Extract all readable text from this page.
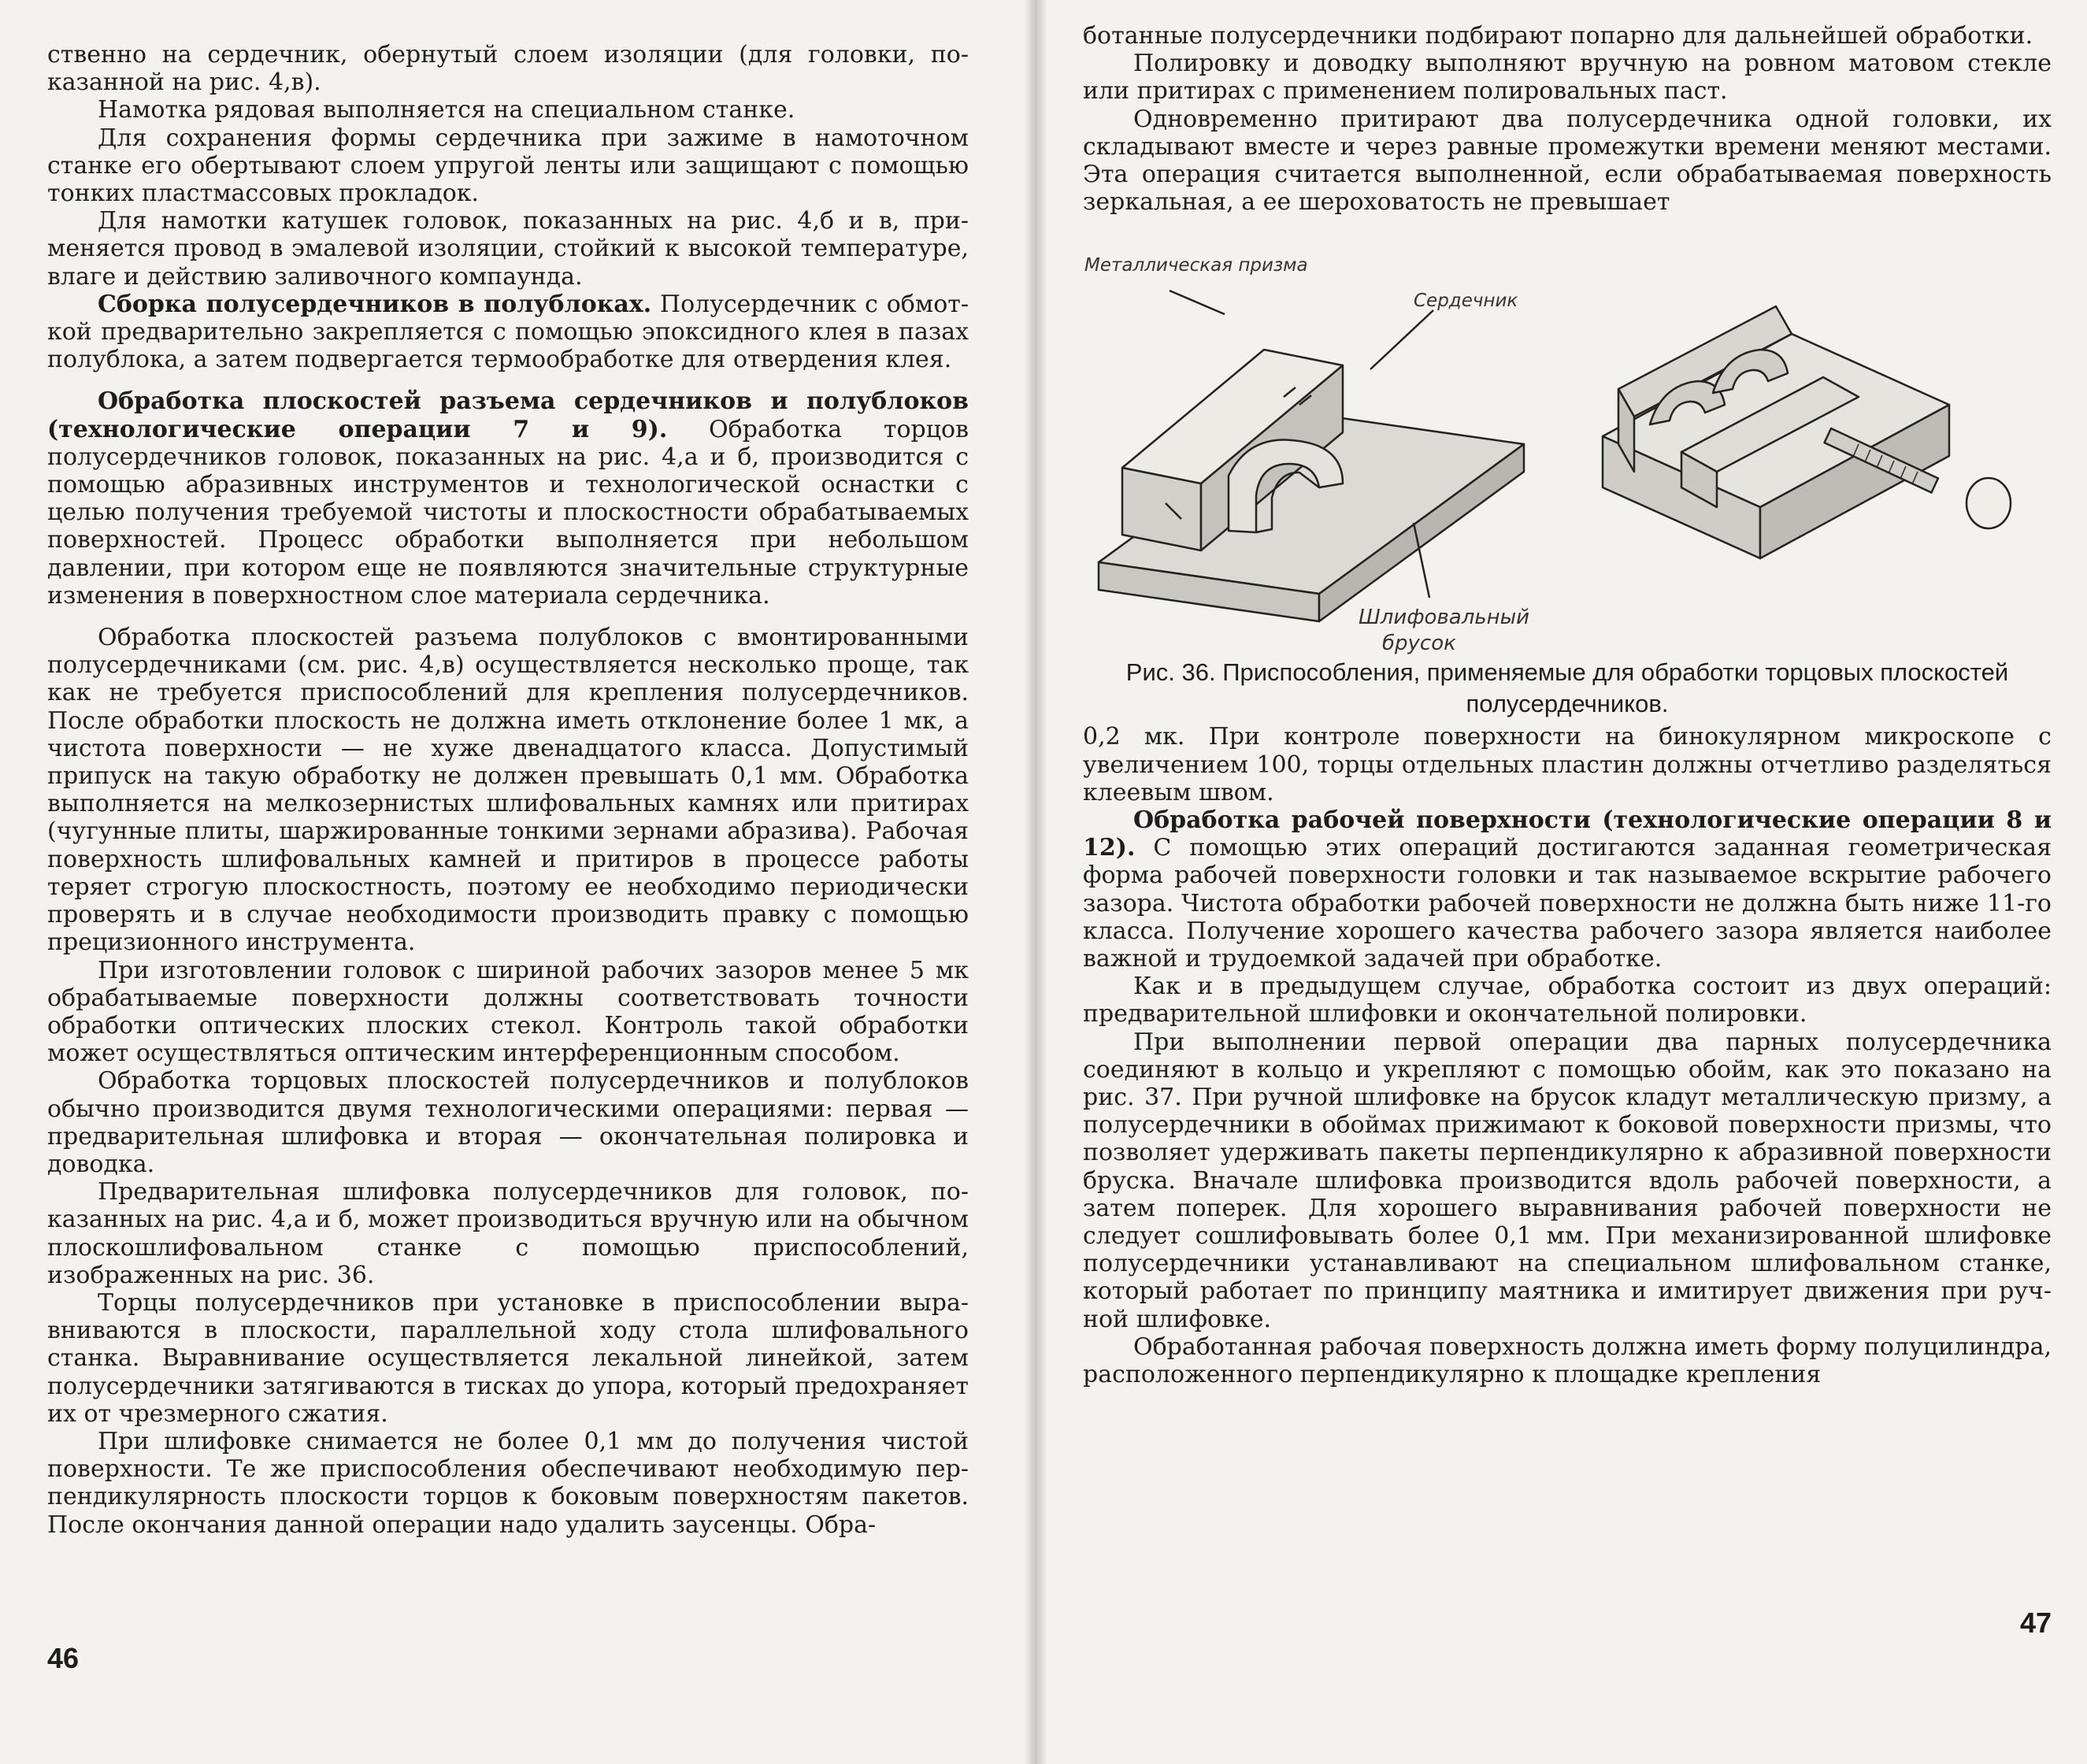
ственно на сердечник, обернутый слоем изоляции (для головки, показанной на рис. 4,в).

Намотка рядовая выполняется на специальном станке.

Для сохранения формы сердечника при зажиме в намоточном станке его обертывают слоем упругой ленты или защищают с помощью тонких пластмассовых прокладок.

Для намотки катушек головок, показанных на рис. 4,б и в, применяется провод в эмалевой изоляции, стойкий к высокой температуре, влаге и действию заливочного компаунда.

Сборка полусердечников в полублоках. Полусердечник с обмоткой предварительно закрепляется с помощью эпоксидного клея в пазах полублока, а затем подвергается термообработке для отвердения клея.

Обработка плоскостей разъема сердечников и полублоков (технологические операции 7 и 9). Обработка торцов полусердечников головок, показанных на рис. 4,а и б, производится с помощью абразивных инструментов и технологической оснастки с целью получения требуемой чистоты и плоскостности обрабатываемых поверхностей. Процесс обработки выполняется при небольшом давлении, при котором еще не появляются значительные структурные изменения в поверхностном слое материала сердечника.

Обработка плоскостей разъема полублоков с вмонтированными полусердечниками (см. рис. 4,в) осуществляется несколько проще, так как не требуется приспособлений для крепления полусердечников. После обработки плоскость не должна иметь отклонение более 1 мк, а чистота поверхности — не хуже двенадцатого класса. Допустимый припуск на такую обработку не должен превышать 0,1 мм. Обработка выполняется на мелкозернистых шлифовальных камнях или притирах (чугунные плиты, шаржированные тонкими зернами абразива). Рабочая поверхность шлифовальных камней и притиров в процессе работы теряет строгую плоскостность, поэтому ее необходимо периодически проверять и в случае необходимости производить правку с помощью прецизионного инструмента.

При изготовлении головок с шириной рабочих зазоров менее 5 мк обрабатываемые поверхности должны соответствовать точности обработки оптических плоских стекол. Контроль такой обработки может осуществляться оптическим интерференционным способом.

Обработка торцовых плоскостей полусердечников и полублоков обычно производится двумя технологическими операциями: первая — предварительная шлифовка и вторая — окончательная полировка и доводка.

Предварительная шлифовка полусердечников для головок, показанных на рис. 4,а и б, может производиться вручную или на обычном плоскошлифовальном станке с помощью приспособлений, изображенных на рис. 36.

Торцы полусердечников при установке в приспособлении выравниваются в плоскости, параллельной ходу стола шлифовального станка. Выравнивание осуществляется лекальной линейкой, затем полусердечники затягиваются в тисках до упора, который предохраняет их от чрезмерного сжатия.

При шлифовке снимается не более 0,1 мм до получения чистой поверхности. Те же приспособления обеспечивают необходимую перпендикулярность плоскости торцов к боковым поверхностям пакетов. После окончания данной операции надо удалить заусенцы. Обра-

46

ботанные полусердечники подбирают попарно для дальнейшей обработки.

Полировку и доводку выполняют вручную на ровном матовом стекле или притирах с применением полировальных паст.

Одновременно притирают два полусердечника одной головки, их складывают вместе и через равные промежутки времени меняют местами. Эта операция считается выполненной, если обрабатываемая поверхность зеркальная, а ее шероховатость не превышает

Металлическая призма
Сердечник
Шлифовальный
брусок
Рис. 36. Приспособления, применяемые для обработки торцовых плоскостей полусердечников.

0,2 мк. При контроле поверхности на бинокулярном микроскопе с увеличением 100, торцы отдельных пластин должны отчетливо разделяться клеевым швом.

Обработка рабочей поверхности (технологические операции 8 и 12). С помощью этих операций достигаются заданная геометрическая форма рабочей поверхности головки и так называемое вскрытие рабочего зазора. Чистота обработки рабочей поверхности не должна быть ниже 11-го класса. Получение хорошего качества рабочего зазора является наиболее важной и трудоемкой задачей при обработке.

Как и в предыдущем случае, обработка состоит из двух операций: предварительной шлифовки и окончательной полировки.

При выполнении первой операции два парных полусердечника соединяют в кольцо и укрепляют с помощью обойм, как это показано на рис. 37. При ручной шлифовке на брусок кладут металлическую призму, а полусердечники в обоймах прижимают к боковой поверхности призмы, что позволяет удерживать пакеты перпендикулярно к абразивной поверхности бруска. Вначале шлифовка производится вдоль рабочей поверхности, а затем поперек. Для хорошего выравнивания рабочей поверхности не следует сошлифовывать более 0,1 мм. При механизированной шлифовке полусердечники устанавливают на специальном шлифовальном станке, который работает по принципу маятника и имитирует движения при ручной шлифовке.

Обработанная рабочая поверхность должна иметь форму полуцилиндра, расположенного перпендикулярно к площадке крепления

47
